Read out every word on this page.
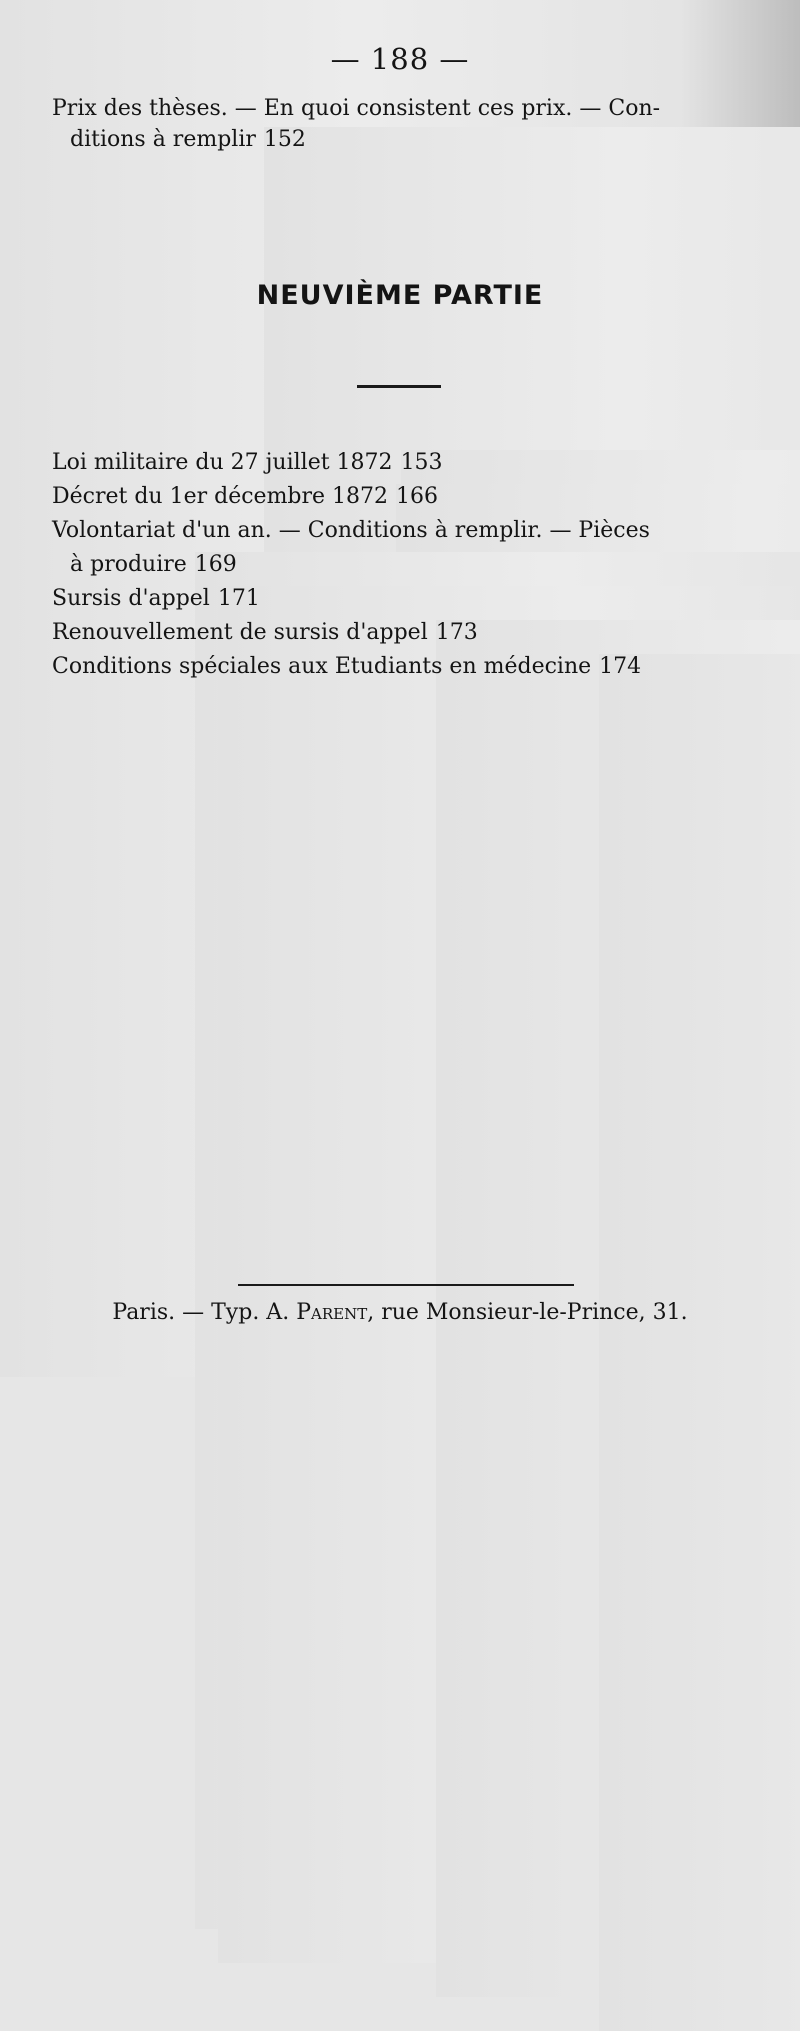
— 188 —
Prix des thèses. — En quoi consistent ces prix. — Con-
ditions à remplir 152
NEUVIÈME PARTIE
Loi militaire du 27 juillet 1872 153
Décret du 1er décembre 1872 166
Volontariat d'un an. — Conditions à remplir. — Pièces
à produire 169
Sursis d'appel 171
Renouvellement de sursis d'appel 173
Conditions spéciales aux Etudiants en médecine 174
Paris. — Typ. A. Parent, rue Monsieur-le-Prince, 31.
